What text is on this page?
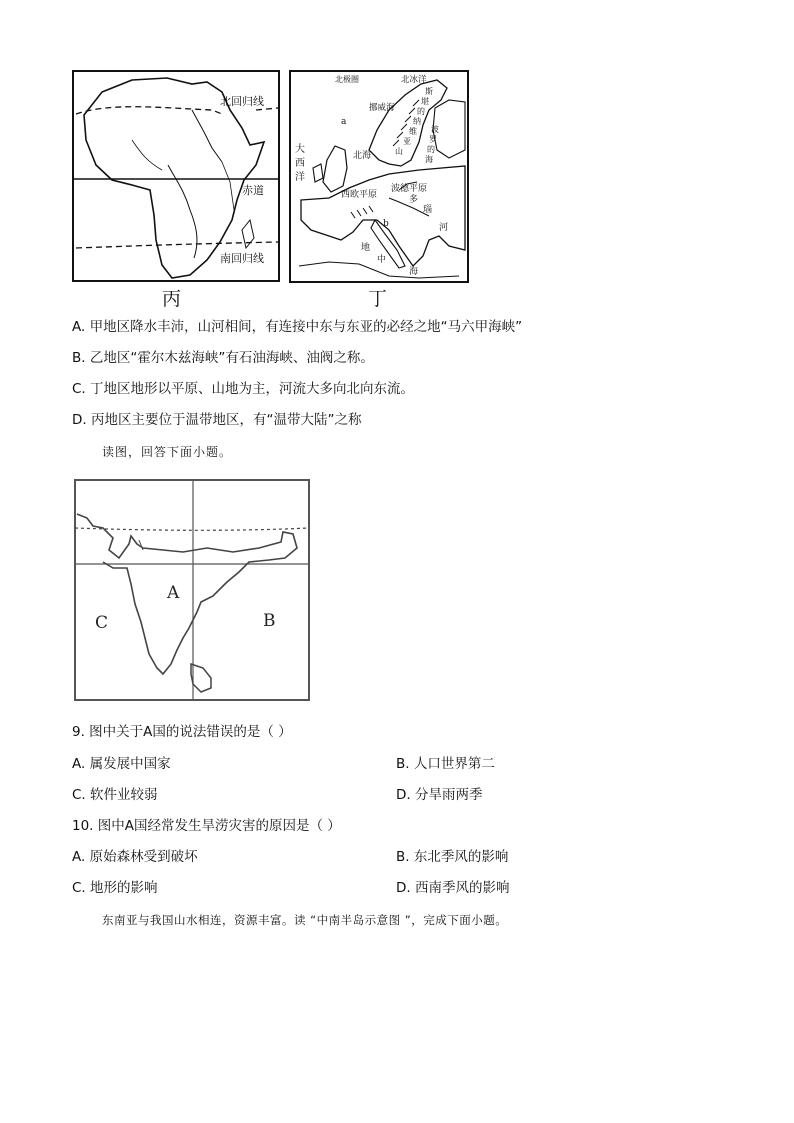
北回归线
赤道
南回归线
丙
北极圈	北冰洋
挪威海
大
西
洋
北海
西欧平原
波德平原
多
瑙
河
地
中
海
斯
堪
的
纳
维
亚
山
波
罗
的
海
a
b
丁
A. 甲地区降水丰沛，山河相间，有连接中东与东亚的必经之地“马六甲海峡”
B. 乙地区“霍尔木兹海峡”有石油海峡、油阀之称。
C. 丁地区地形以平原、山地为主，河流大多向北向东流。
D. 丙地区主要位于温带地区，有“温带大陆”之称
读图，回答下面小题。
A
B
C
9. 图中关于A国的说法错误的是（ ）
A. 属发展中国家	B. 人口世界第二
C. 软件业较弱	D. 分旱雨两季
10. 图中A国经常发生旱涝灾害的原因是（ ）
A. 原始森林受到破坏	B. 东北季风的影响
C. 地形的影响	D. 西南季风的影响
东南亚与我国山水相连，资源丰富。读 “中南半岛示意图 ”，完成下面小题。
